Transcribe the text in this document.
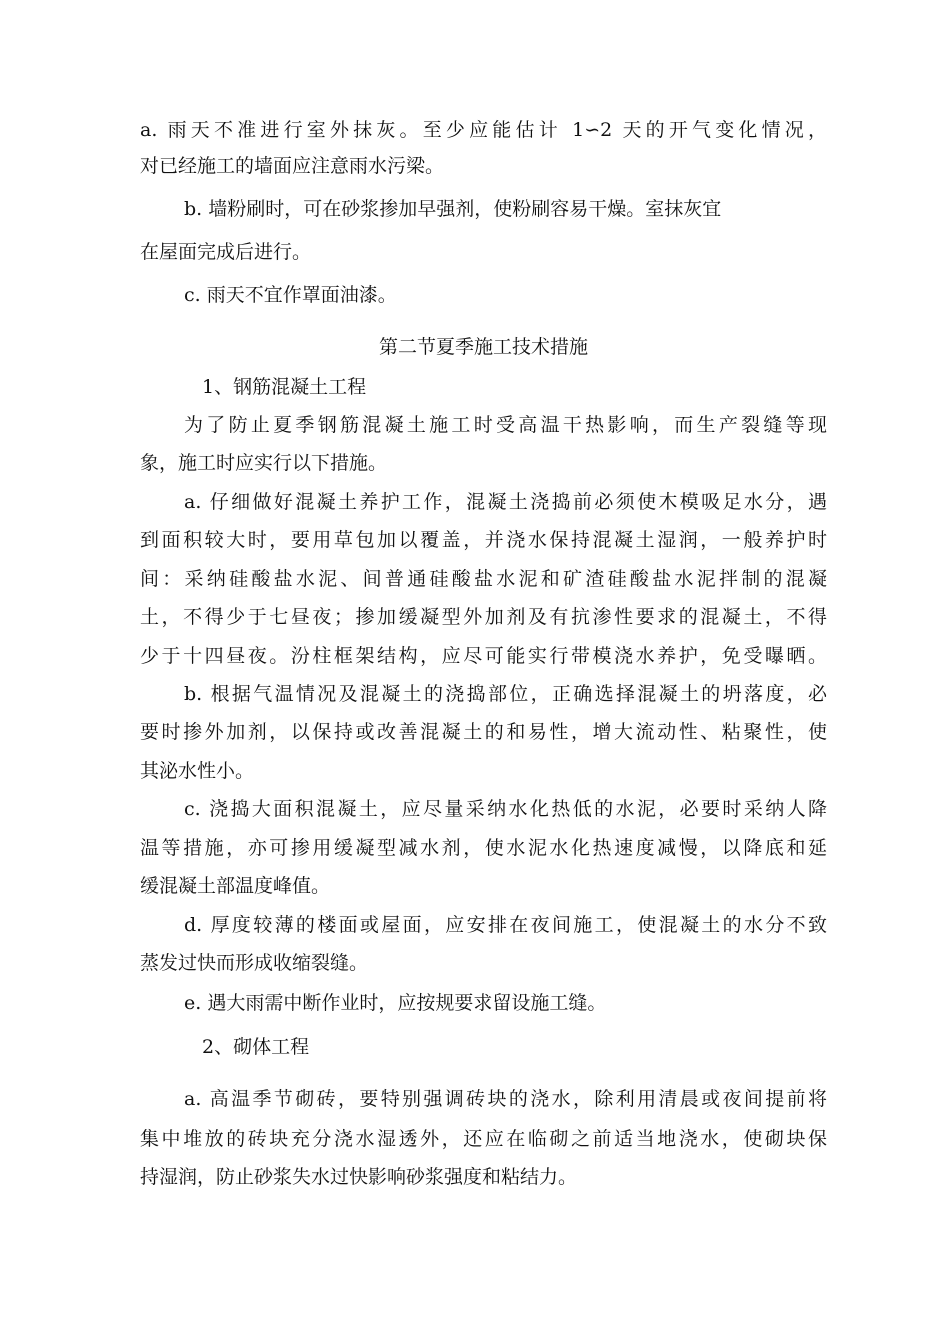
a. 雨天不准进行室外抹灰。至少应能估计 1∽2 天的开气变化情况，
对已经施工的墙面应注意雨水污梁。
b. 墙粉刷时，可在砂浆掺加早强剂，使粉刷容易干燥。室抹灰宜
在屋面完成后进行。
c. 雨天不宜作罩面油漆。
第二节夏季施工技术措施
1、钢筋混凝土工程
为了防止夏季钢筋混凝土施工时受高温干热影响，而生产裂缝等现
象，施工时应实行以下措施。
a. 仔细做好混凝土养护工作，混凝土浇捣前必须使木模吸足水分，遇
到面积较大时，要用草包加以覆盖，并浇水保持混凝土湿润，一般养护时
间：采纳硅酸盐水泥、间普通硅酸盐水泥和矿渣硅酸盐水泥拌制的混凝
土，不得少于七昼夜；掺加缓凝型外加剂及有抗渗性要求的混凝土，不得
少于十四昼夜。汾柱框架结构，应尽可能实行带模浇水养护，免受曝晒。
b. 根据气温情况及混凝土的浇捣部位，正确选择混凝土的坍落度，必
要时掺外加剂，以保持或改善混凝土的和易性，增大流动性、粘聚性，使
其泌水性小。
c. 浇捣大面积混凝土，应尽量采纳水化热低的水泥，必要时采纳人降
温等措施，亦可掺用缓凝型减水剂，使水泥水化热速度减慢，以降底和延
缓混凝土部温度峰值。
d. 厚度较薄的楼面或屋面，应安排在夜间施工，使混凝土的水分不致
蒸发过快而形成收缩裂缝。
e. 遇大雨需中断作业时，应按规要求留设施工缝。
2、砌体工程
a. 高温季节砌砖，要特别强调砖块的浇水，除利用清晨或夜间提前将
集中堆放的砖块充分浇水湿透外，还应在临砌之前适当地浇水，使砌块保
持湿润，防止砂浆失水过快影响砂浆强度和粘结力。
